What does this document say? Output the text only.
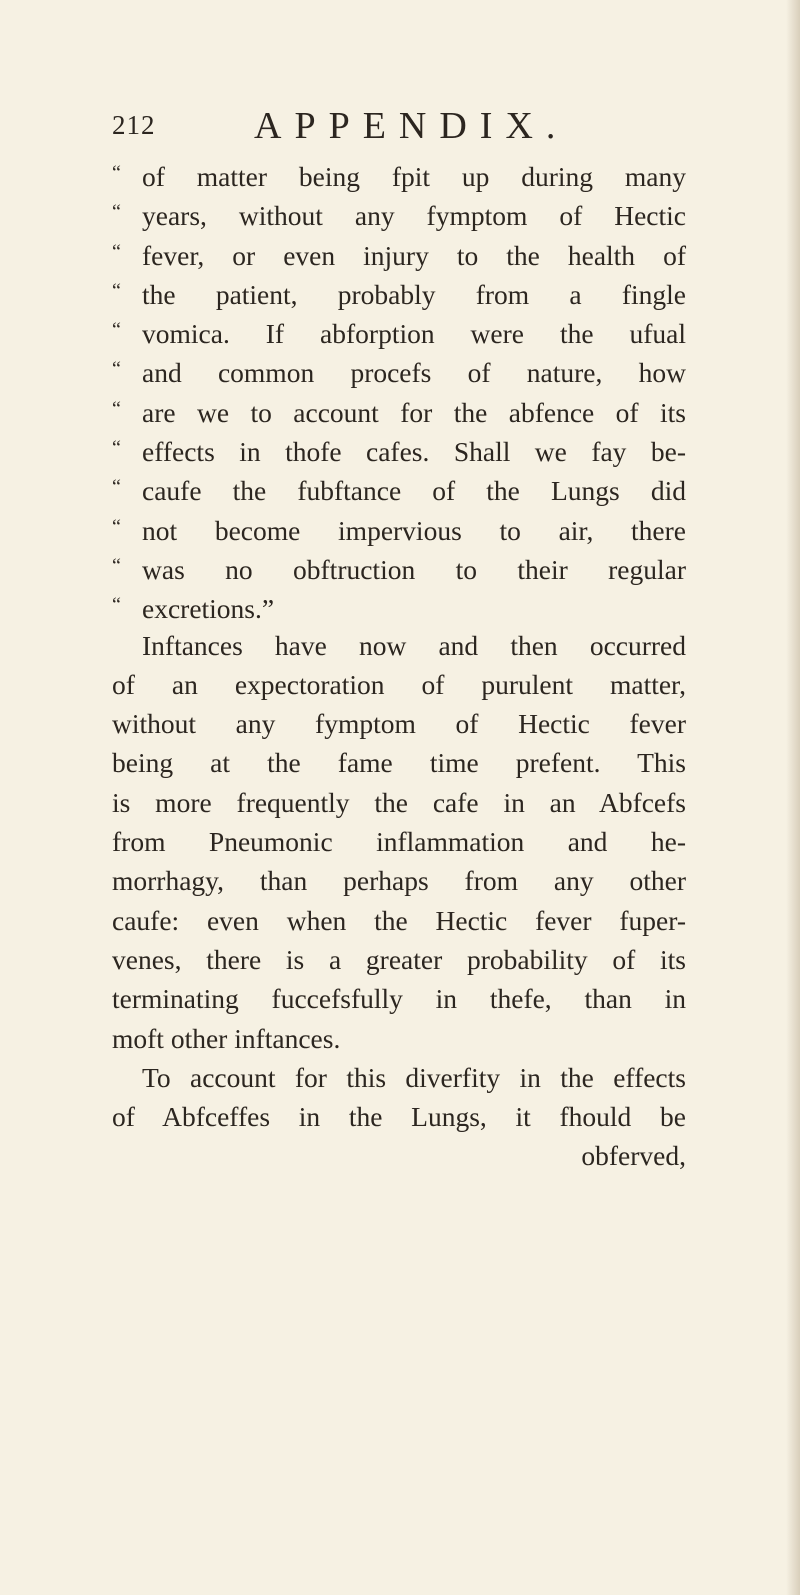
212	APPENDIX.
“ of matter being fpit up during many
“ years, without any fymptom of Hectic
“ fever, or even injury to the health of
“ the patient, probably from a fingle
“ vomica. If abforption were the ufual
“ and common procefs of nature, how
“ are we to account for the abfence of its
“ effects in thofe cafes. Shall we fay be-
“ caufe the fubftance of the Lungs did
“ not become impervious to air, there
“ was no obftruction to their regular
“ excretions.”
Inftances have now and then occurred
of an expectoration of purulent matter,
without any fymptom of Hectic fever
being at the fame time prefent. This
is more frequently the cafe in an Abfcefs
from Pneumonic inflammation and he-
morrhagy, than perhaps from any other
caufe: even when the Hectic fever fuper-
venes, there is a greater probability of its
terminating fuccefsfully in thefe, than in
moft other inftances.
To account for this diverfity in the effects
of Abfceffes in the Lungs, it fhould be
obferved,
